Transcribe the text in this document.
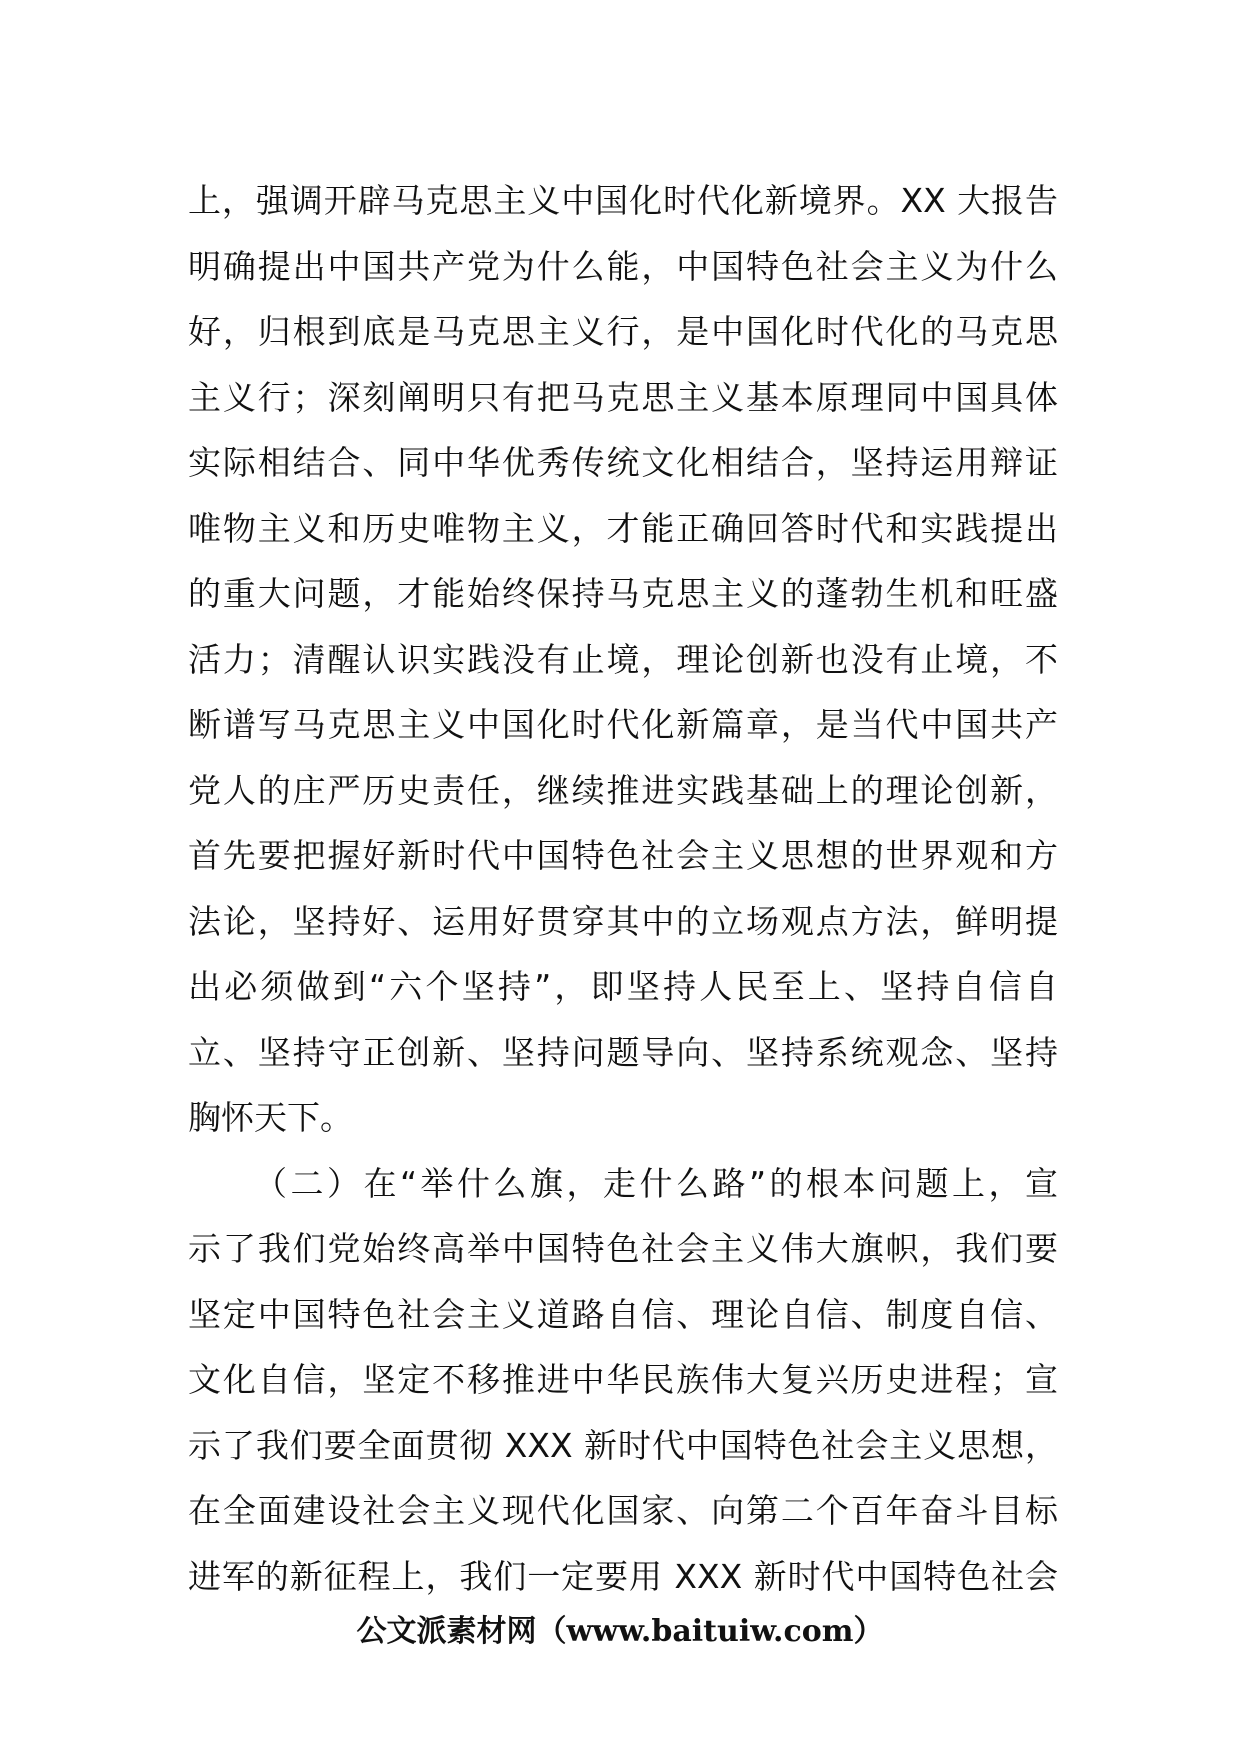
上，强调开辟马克思主义中国化时代化新境界。XX 大报告
明确提出中国共产党为什么能，中国特色社会主义为什么
好，归根到底是马克思主义行，是中国化时代化的马克思
主义行；深刻阐明只有把马克思主义基本原理同中国具体
实际相结合、同中华优秀传统文化相结合，坚持运用辩证
唯物主义和历史唯物主义，才能正确回答时代和实践提出
的重大问题，才能始终保持马克思主义的蓬勃生机和旺盛
活力；清醒认识实践没有止境，理论创新也没有止境，不
断谱写马克思主义中国化时代化新篇章，是当代中国共产
党人的庄严历史责任，继续推进实践基础上的理论创新，
首先要把握好新时代中国特色社会主义思想的世界观和方
法论，坚持好、运用好贯穿其中的立场观点方法，鲜明提
出必须做到“六个坚持”，即坚持人民至上、坚持自信自
立、坚持守正创新、坚持问题导向、坚持系统观念、坚持
胸怀天下。
（二）在“举什么旗，走什么路”的根本问题上，宣
示了我们党始终高举中国特色社会主义伟大旗帜，我们要
坚定中国特色社会主义道路自信、理论自信、制度自信、
文化自信，坚定不移推进中华民族伟大复兴历史进程；宣
示了我们要全面贯彻 XXX 新时代中国特色社会主义思想，
在全面建设社会主义现代化国家、向第二个百年奋斗目标
进军的新征程上，我们一定要用 XXX 新时代中国特色社会
公文派素材网（www.baituiw.com）
